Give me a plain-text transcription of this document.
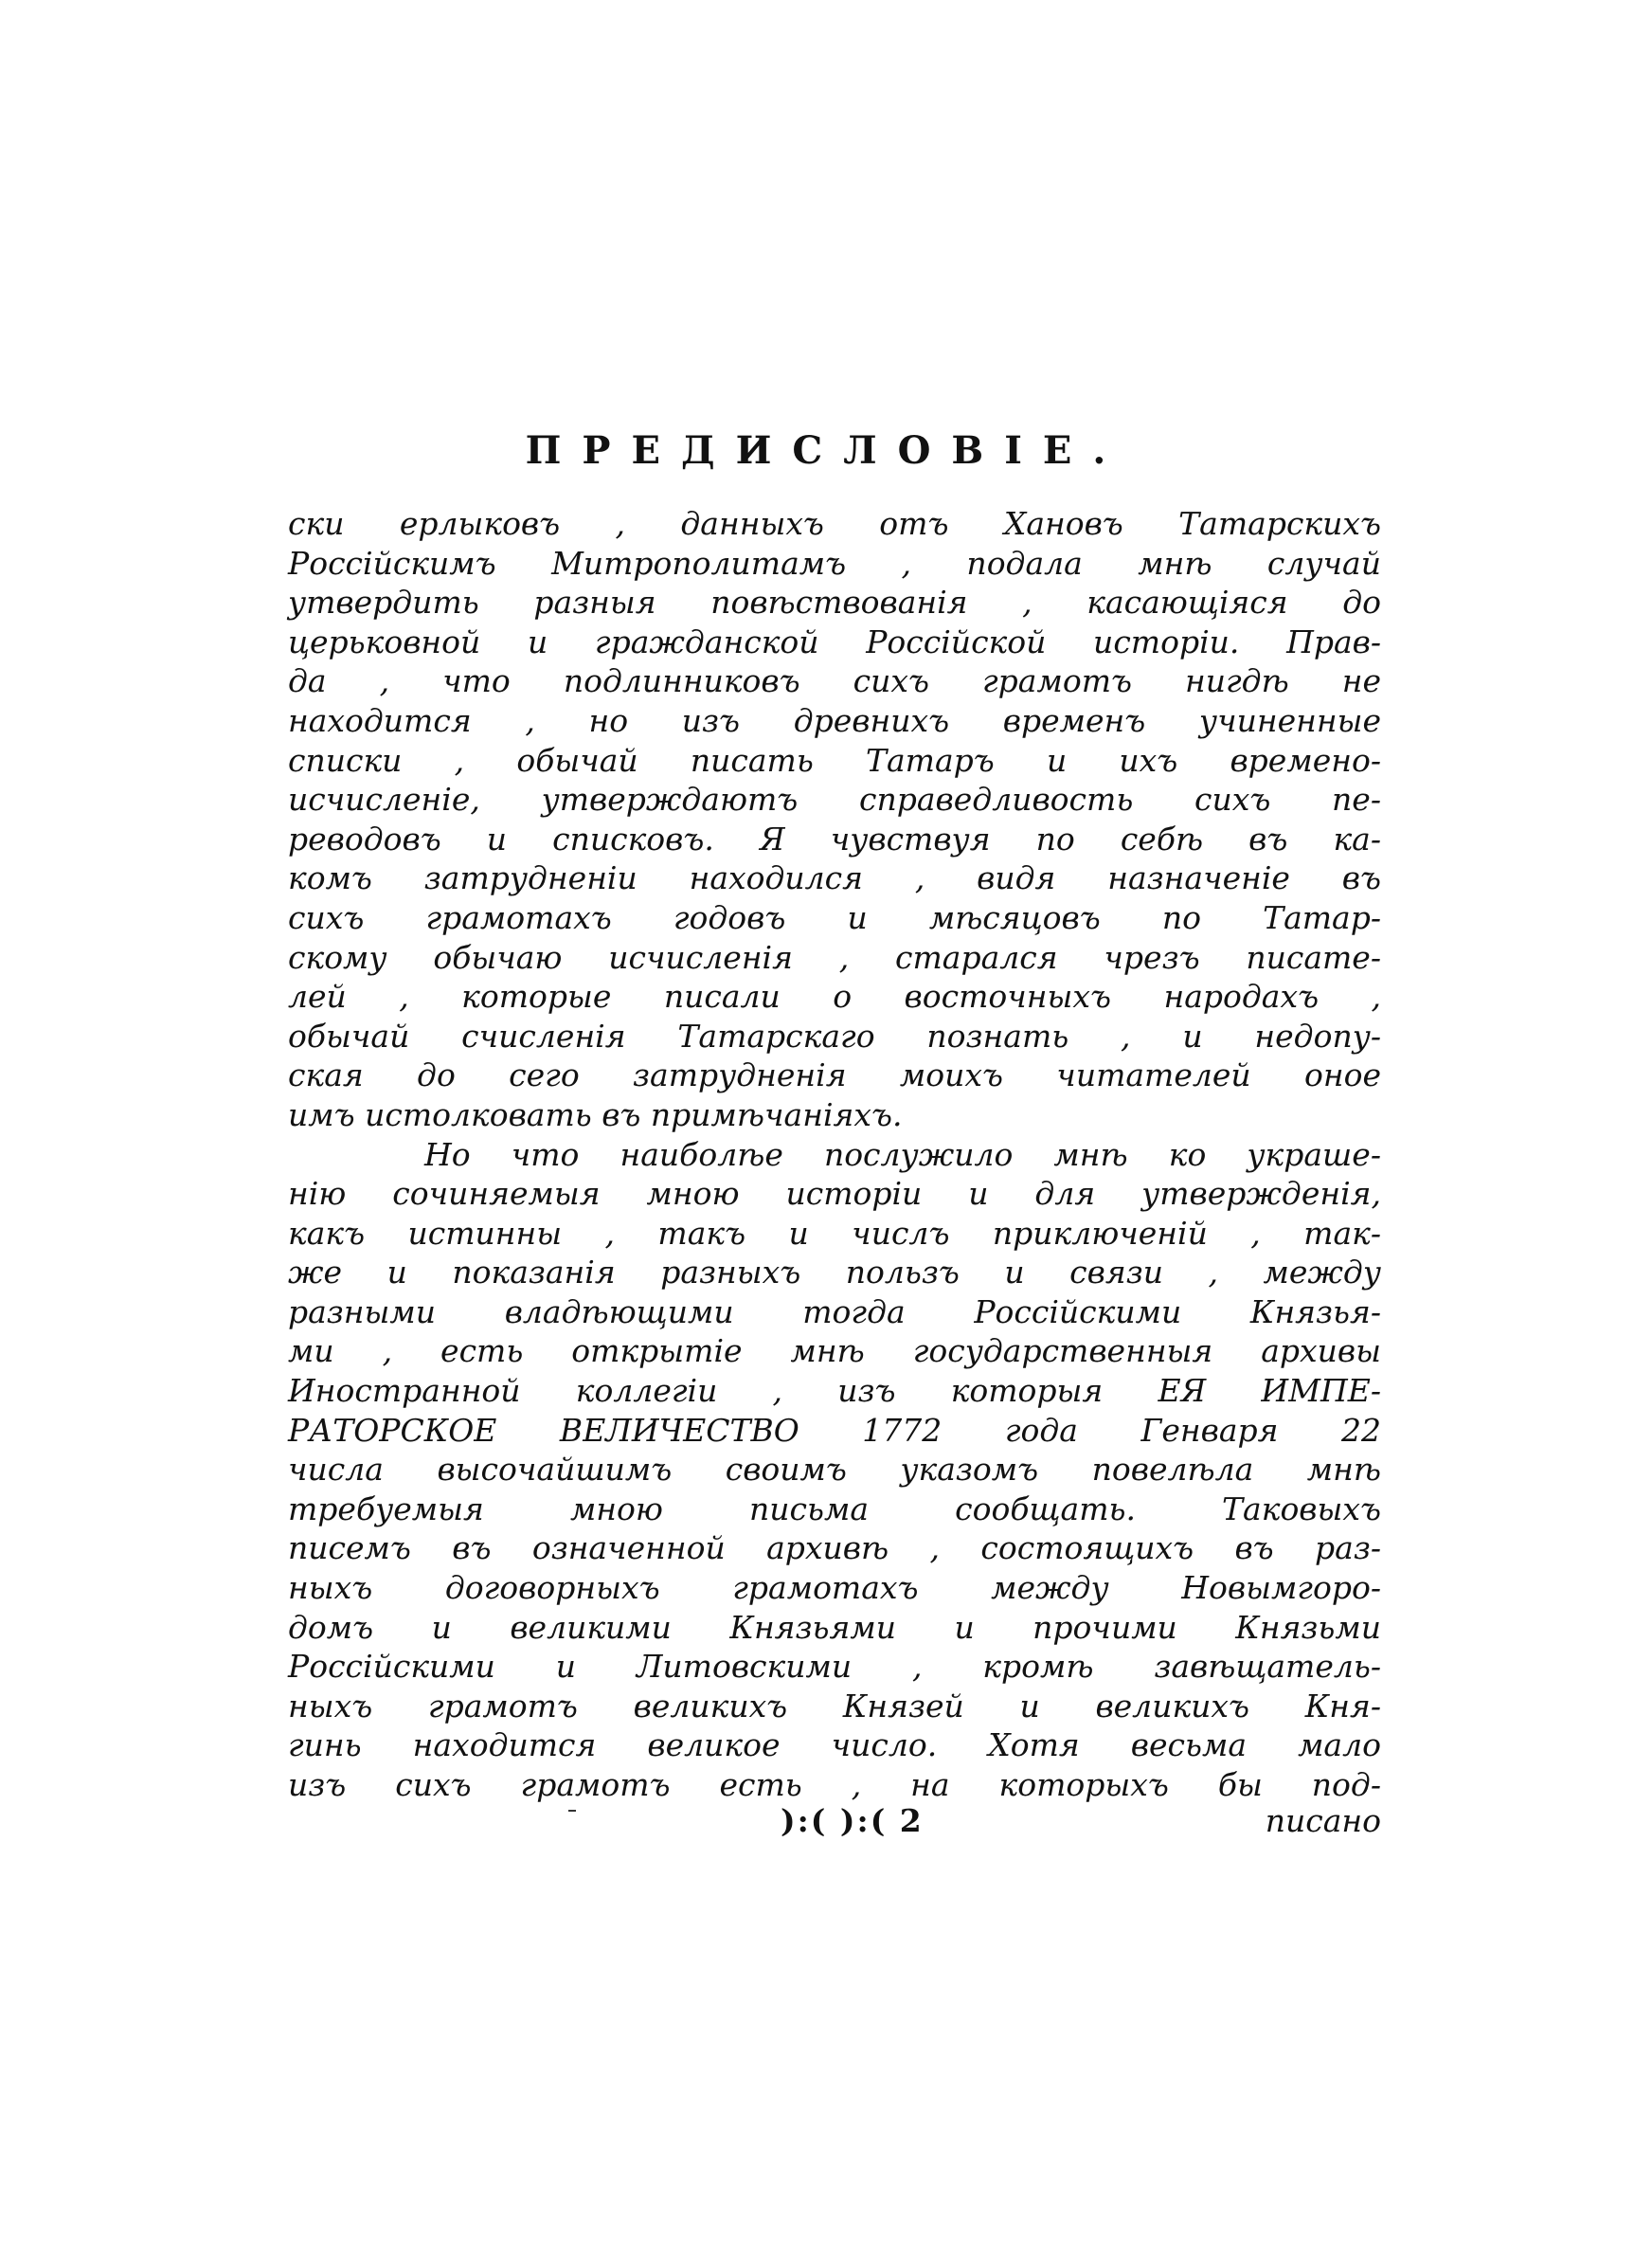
ПРЕДИСЛОВІЕ.
ски ерлыковъ , данныхъ отъ Хановъ Татарскихъ
Россійскимъ Митрополитамъ , подала мнѣ случай
утвердить разныя повѣствованія , касающіяся до
церьковной и гражданской Россійской исторіи. Прав-
да , что подлинниковъ сихъ грамотъ нигдѣ не
находится , но изъ древнихъ временъ учиненные
списки , обычай писать Татаръ и ихъ времено-
исчисленіе, утверждаютъ справедливость сихъ пе-
реводовъ и списковъ. Я чувствуя по себѣ въ ка-
комъ затрудненіи находился , видя назначеніе въ
сихъ грамотахъ годовъ и мѣсяцовъ по Татар-
скому обычаю исчисленія , старался чрезъ писате-
лей , которые писали о восточныхъ народахъ ,
обычай счисленія Татарскаго познать , и недопу-
ская до сего затрудненія моихъ читателей оное
имъ истолковать въ примѣчаніяхъ.
Но что наиболѣе послужило мнѣ ко украше-
нію сочиняемыя мною исторіи и для утвержденія,
какъ истинны , такъ и числъ приключеній , так-
же и показанія разныхъ пользъ и связи , между
разными владѣющими тогда Россійскими Князья-
ми , есть открытіе мнѣ государственныя архивы
Иностранной коллегіи , изъ которыя ЕЯ ИМПЕ-
РАТОРСКОЕ ВЕЛИЧЕСТВО 1772 года Генваря 22
числа высочайшимъ своимъ указомъ повелѣла мнѣ
требуемыя мною письма сообщать. Таковыхъ
писемъ въ означенной архивѣ , состоящихъ въ раз-
ныхъ договорныхъ грамотахъ между Новымгоро-
домъ и великими Князьями и прочими Князьми
Россійскими и Литовскими , кромѣ завѣщатель-
ныхъ грамотъ великихъ Князей и великихъ Кня-
гинь находится великое число. Хотя весьма мало
изъ сихъ грамотъ есть , на которыхъ бы под-
):( ):( 2	писано
